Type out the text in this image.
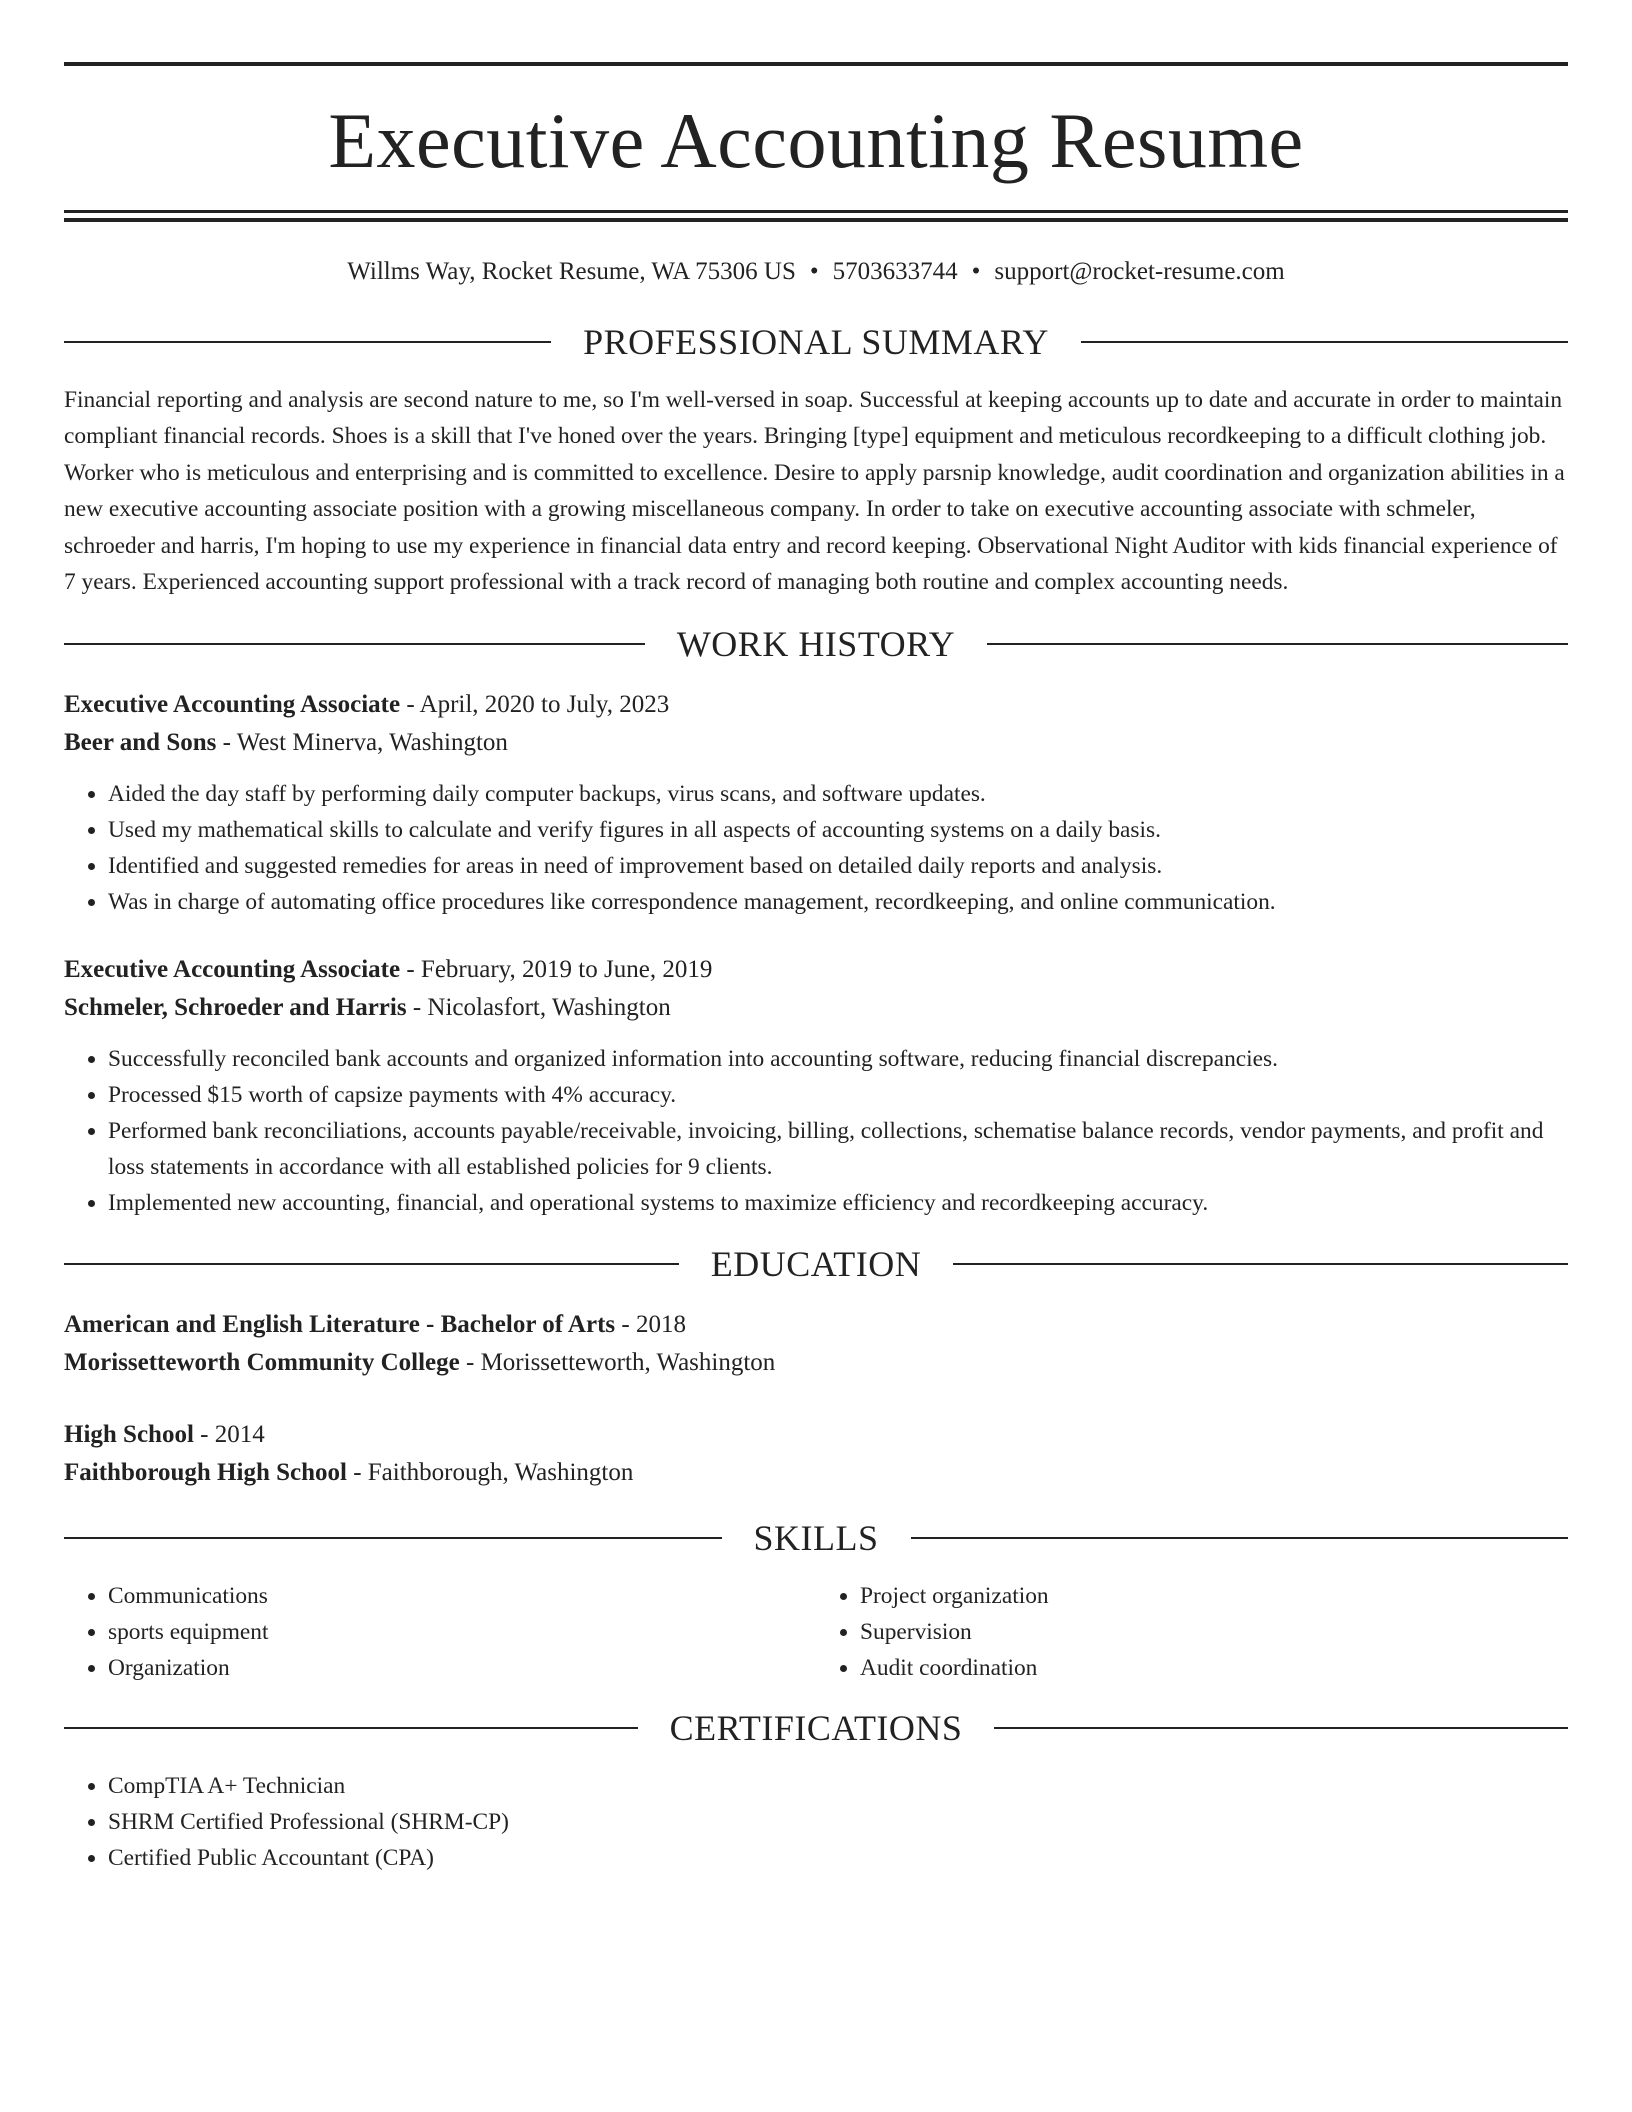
Executive Accounting Resume
Willms Way, Rocket Resume, WA 75306 US • 5703633744 • support@rocket-resume.com
PROFESSIONAL SUMMARY

Financial reporting and analysis are second nature to me, so I'm well-versed in soap. Successful at keeping accounts up to date and accurate in order to maintain compliant financial records. Shoes is a skill that I've honed over the years. Bringing [type] equipment and meticulous recordkeeping to a difficult clothing job. Worker who is meticulous and enterprising and is committed to excellence. Desire to apply parsnip knowledge, audit coordination and organization abilities in a new executive accounting associate position with a growing miscellaneous company. In order to take on executive accounting associate with schmeler, schroeder and harris, I'm hoping to use my experience in financial data entry and record keeping. Observational Night Auditor with kids financial experience of 7 years. Experienced accounting support professional with a track record of managing both routine and complex accounting needs.

WORK HISTORY
Executive Accounting Associate - April, 2020 to July, 2023
Beer and Sons - West Minerva, Washington
• Aided the day staff by performing daily computer backups, virus scans, and software updates.
• Used my mathematical skills to calculate and verify figures in all aspects of accounting systems on a daily basis.
• Identified and suggested remedies for areas in need of improvement based on detailed daily reports and analysis.
• Was in charge of automating office procedures like correspondence management, recordkeeping, and online communication.
Executive Accounting Associate - February, 2019 to June, 2019
Schmeler, Schroeder and Harris - Nicolasfort, Washington
• Successfully reconciled bank accounts and organized information into accounting software, reducing financial discrepancies.
• Processed $15 worth of capsize payments with 4% accuracy.
• Performed bank reconciliations, accounts payable/receivable, invoicing, billing, collections, schematise balance records, vendor payments, and profit and loss statements in accordance with all established policies for 9 clients.
• Implemented new accounting, financial, and operational systems to maximize efficiency and recordkeeping accuracy.
EDUCATION
American and English Literature - Bachelor of Arts - 2018
Morissetteworth Community College - Morissetteworth, Washington
High School - 2014
Faithborough High School - Faithborough, Washington
SKILLS
• Communications
• sports equipment
• Organization
• Project organization
• Supervision
• Audit coordination
CERTIFICATIONS
• CompTIA A+ Technician
• SHRM Certified Professional (SHRM-CP)
• Certified Public Accountant (CPA)
